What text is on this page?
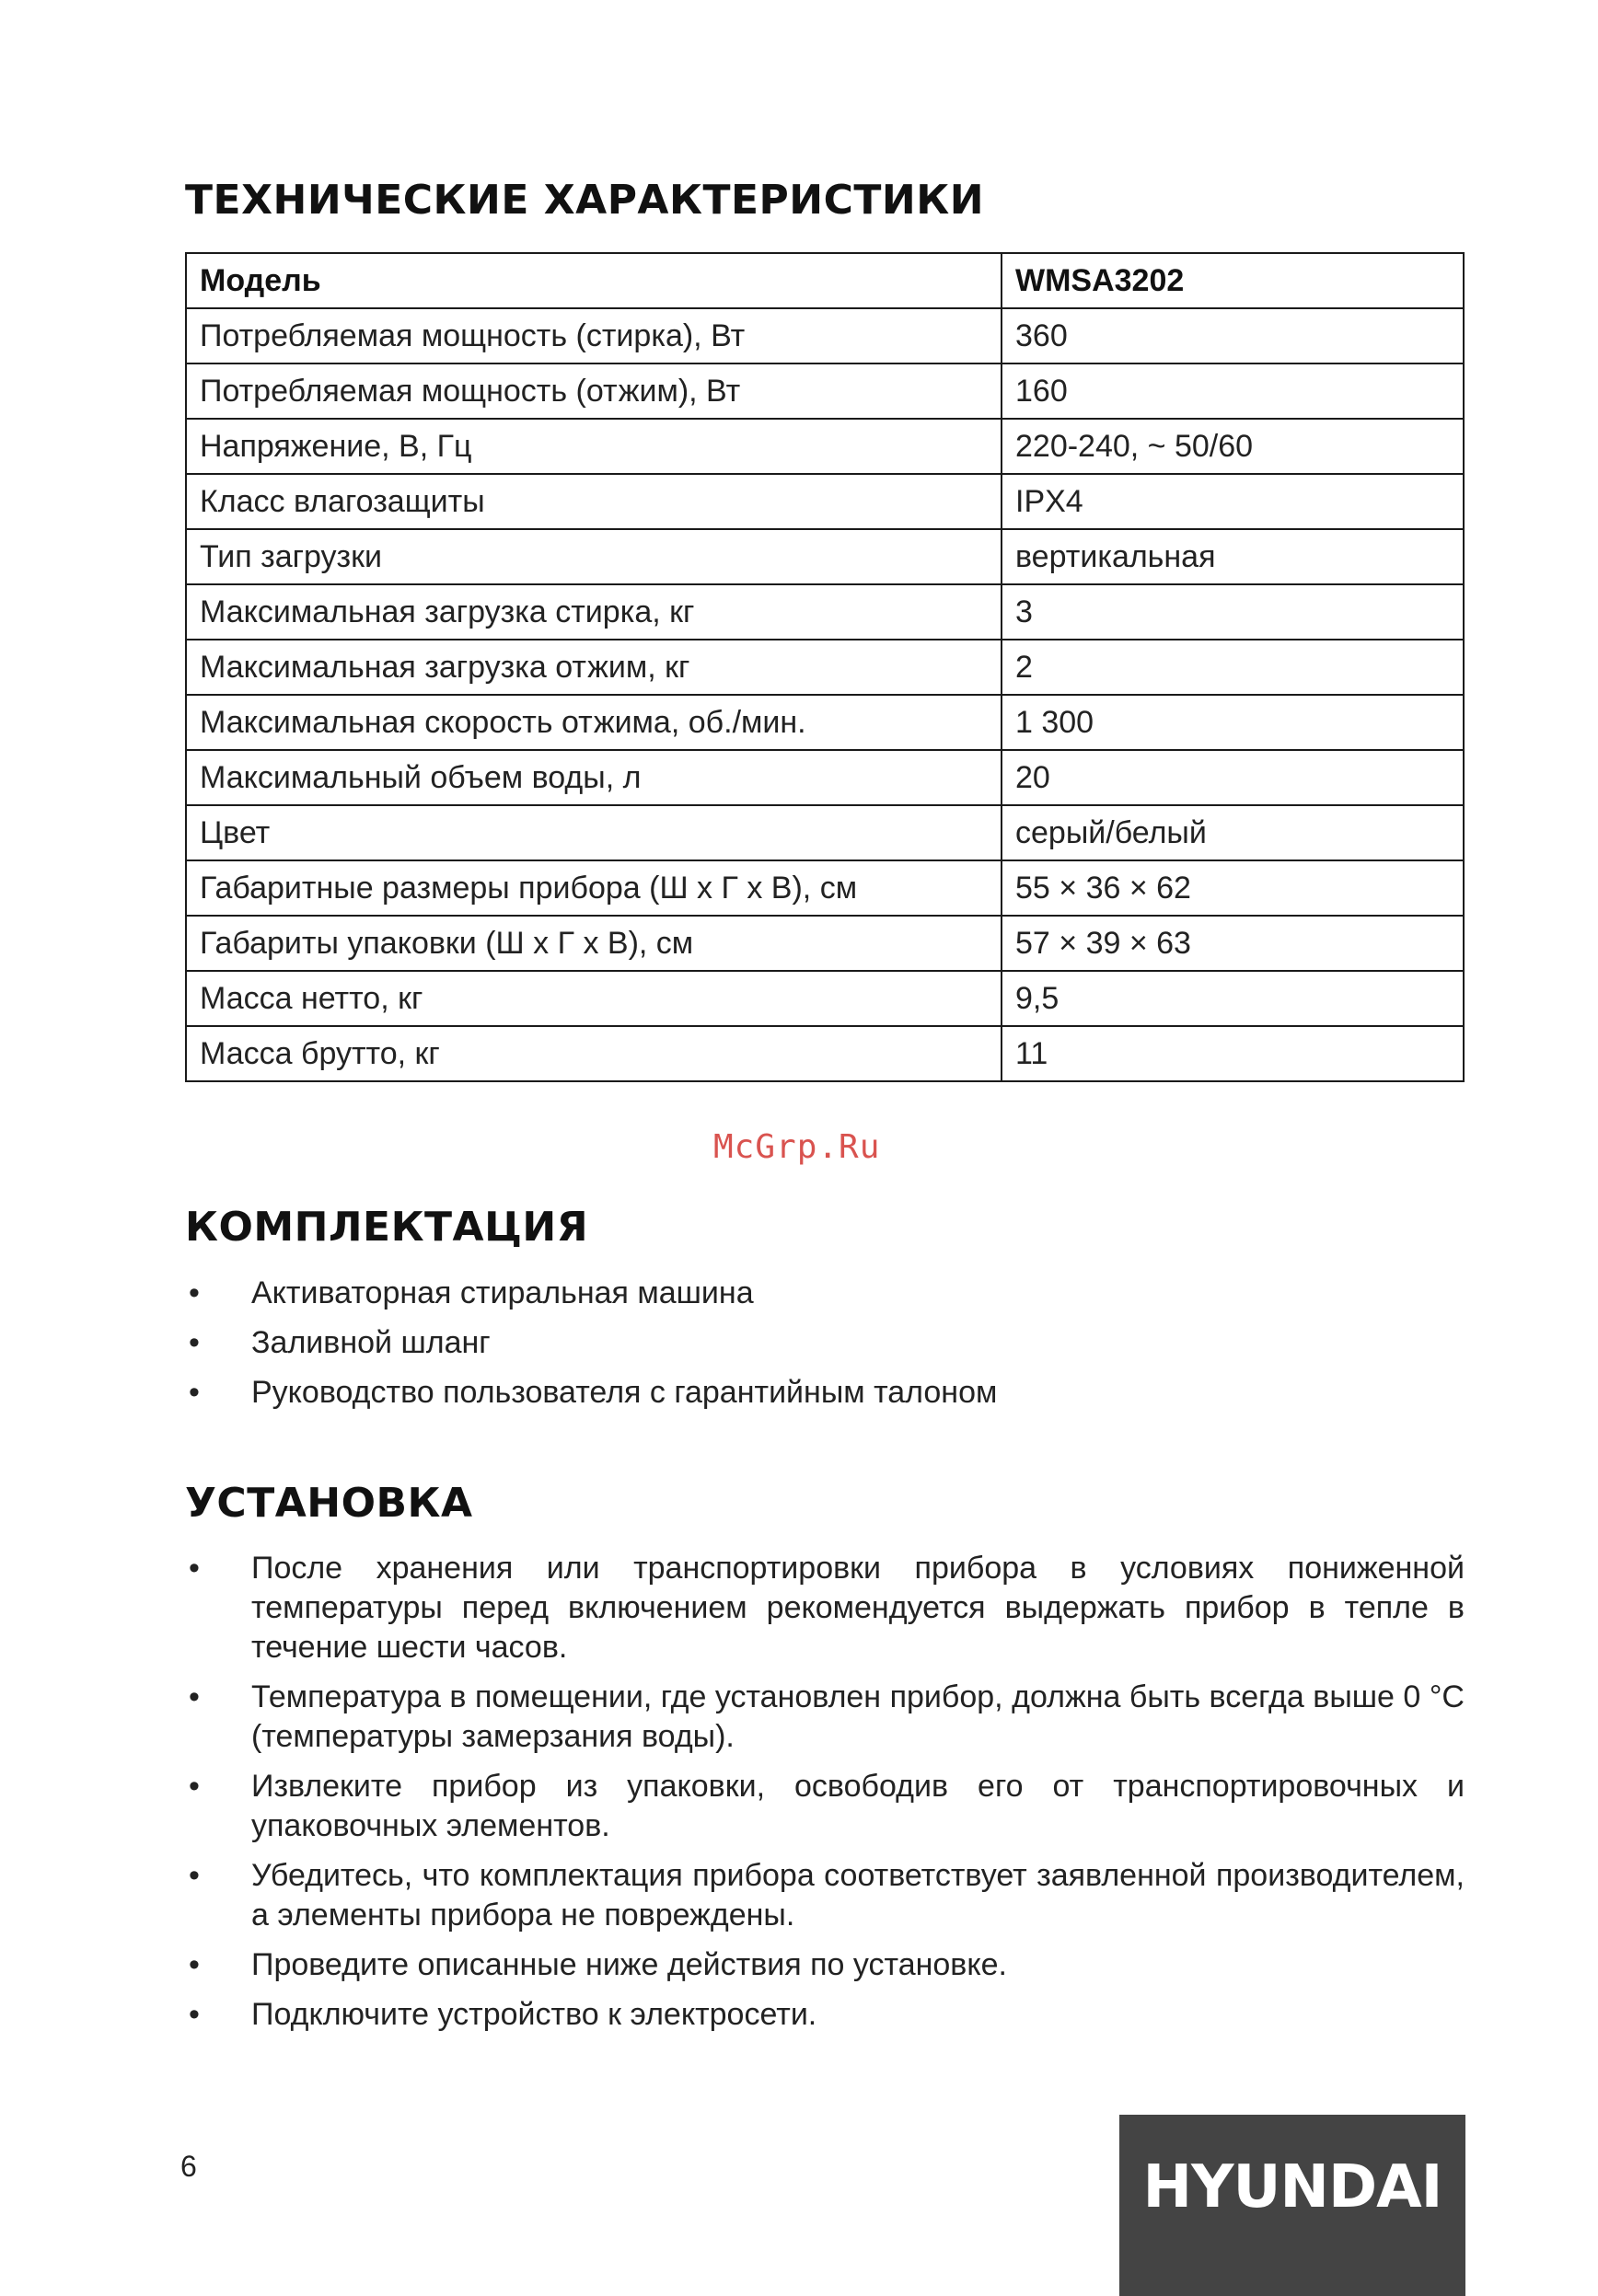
ТЕХНИЧЕСКИЕ ХАРАКТЕРИСТИКИ
Модель	WMSA3202
Потребляемая мощность (стирка), Вт	360
Потребляемая мощность (отжим), Вт	160
Напряжение, В, Гц	220-240, ~ 50/60
Класс влагозащиты	IPX4
Тип загрузки	вертикальная
Максимальная загрузка стирка, кг	3
Максимальная загрузка отжим, кг	2
Максимальная скорость отжима, об./мин.	1 300
Максимальный объем воды, л	20
Цвет	серый/белый
Габаритные размеры прибора (Ш х Г х В), см	55 × 36 × 62
Габариты упаковки (Ш х Г х В), см	57 × 39 × 63
Масса нетто, кг	9,5
Масса брутто, кг	11
McGrp.Ru
КОМПЛЕКТАЦИЯ
• Активаторная стиральная машина
• Заливной шланг
• Руководство пользователя с гарантийным талоном
УСТАНОВКА
• После хранения или транспортировки прибора в условиях пониженной температуры перед включением рекомендуется выдержать прибор в тепле в течение шести часов.
• Температура в помещении, где установлен прибор, должна быть всегда выше 0 °C (температуры замерзания воды).
• Извлеките прибор из упаковки, освободив его от транспортировочных и упаковочных элементов.
• Убедитесь, что комплектация прибора соответствует заявленной производителем, а элементы прибора не повреждены.
• Проведите описанные ниже действия по установке.
• Подключите устройство к электросети.
6	HYUNDAI
